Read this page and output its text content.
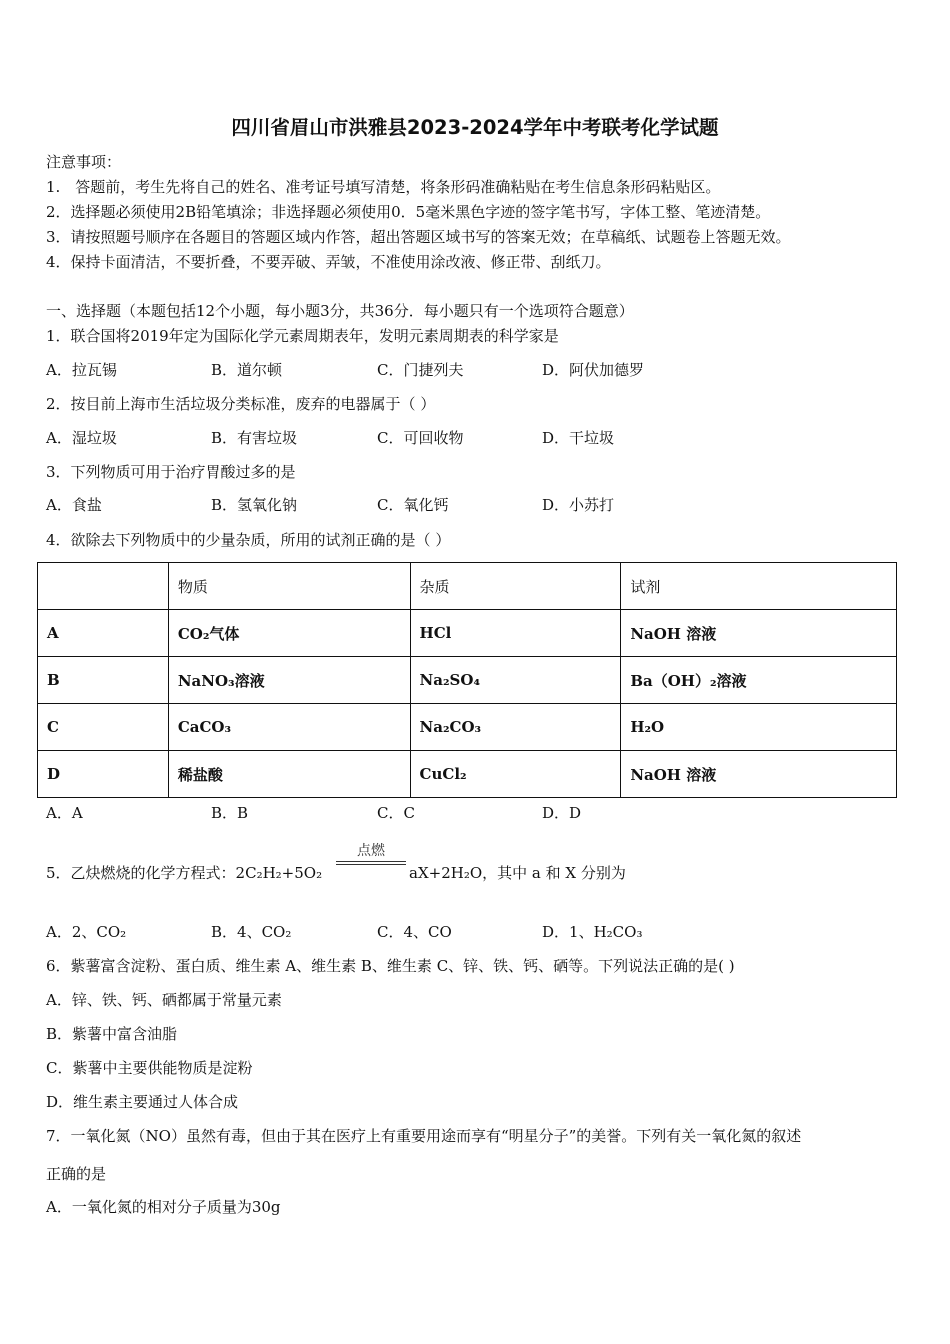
四川省眉山市洪雅县2023-2024学年中考联考化学试题
注意事项：
1.　答题前，考生先将自己的姓名、准考证号填写清楚，将条形码准确粘贴在考生信息条形码粘贴区。
2．选择题必须使用2B铅笔填涂；非选择题必须使用0．5毫米黑色字迹的签字笔书写，字体工整、笔迹清楚。
3．请按照题号顺序在各题目的答题区域内作答，超出答题区域书写的答案无效；在草稿纸、试题卷上答题无效。
4．保持卡面清洁，不要折叠，不要弄破、弄皱，不准使用涂改液、修正带、刮纸刀。
一、选择题（本题包括12个小题，每小题3分，共36分．每小题只有一个选项符合题意）
1．联合国将2019年定为国际化学元素周期表年，发明元素周期表的科学家是
A．拉瓦锡	B．道尔顿	C．门捷列夫	D．阿伏加德罗
2．按目前上海市生活垃圾分类标准，废弃的电器属于（ ）
A．湿垃圾	B．有害垃圾	C．可回收物	D．干垃圾
3．下列物质可用于治疗胃酸过多的是
A．食盐	B．氢氧化钠	C．氧化钙	D．小苏打
4．欲除去下列物质中的少量杂质，所用的试剂正确的是（ ）
	物质	杂质	试剂
A	CO₂气体	HCl	NaOH 溶液
B	NaNO₃溶液	Na₂SO₄	Ba（OH）₂溶液
C	CaCO₃	Na₂CO₃	H₂O
D	稀盐酸	CuCl₂	NaOH 溶液
A．A	B．B	C．C	D．D
5．乙炔燃烧的化学方程式：2C₂H₂+5O₂
点燃
aX+2H₂O，其中 a 和 X 分别为
A．2、CO₂	B．4、CO₂	C．4、CO	D．1、H₂CO₃
6．紫薯富含淀粉、蛋白质、维生素 A、维生素 B、维生素 C、锌、铁、钙、硒等。下列说法正确的是( )
A．锌、铁、钙、硒都属于常量元素
B．紫薯中富含油脂
C．紫薯中主要供能物质是淀粉
D．维生素主要通过人体合成
7．一氧化氮（NO）虽然有毒，但由于其在医疗上有重要用途而享有“明星分子”的美誉。下列有关一氧化氮的叙述
正确的是
A．一氧化氮的相对分子质量为30g
